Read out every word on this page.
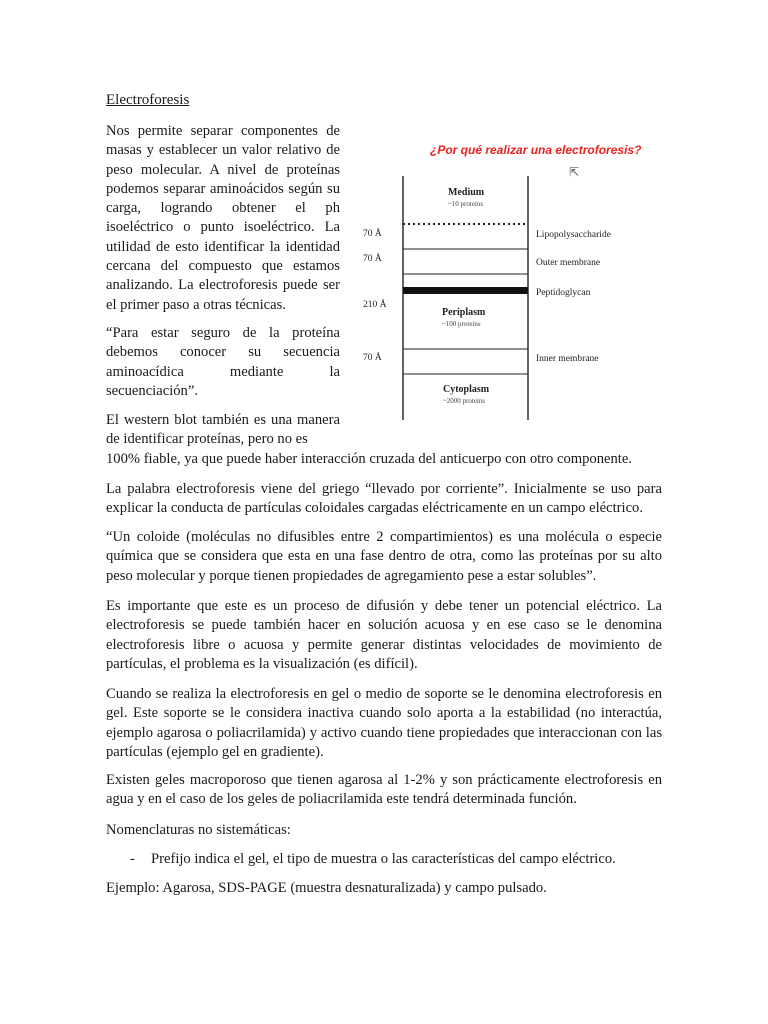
Electroforesis

Nos permite separar componentes de masas y establecer un valor relativo de peso molecular. A nivel de proteínas podemos separar aminoácidos según su carga, logrando obtener el ph isoeléctrico o punto isoeléctrico. La utilidad de esto identificar la identidad cercana del compuesto que estamos analizando. La electroforesis puede ser el primer paso a otras técnicas.

“Para estar seguro de la proteína debemos conocer su secuencia aminoacídica mediante la secuenciación”.

El western blot también es una manera de identificar proteínas, pero no es

100% fiable, ya que puede haber interacción cruzada del anticuerpo con otro componente.

La palabra electroforesis viene del griego “llevado por corriente”. Inicialmente se uso para explicar la conducta de partículas coloidales cargadas eléctricamente en un campo eléctrico.

“Un coloide (moléculas no difusibles entre 2 compartimientos) es una molécula o especie química que se considera que esta en una fase dentro de otra, como las proteínas por su alto peso molecular y porque tienen propiedades de agregamiento pese a estar solubles”.

Es importante que este es un proceso de difusión y debe tener un potencial eléctrico. La electroforesis se puede también hacer en solución acuosa y en ese caso se le denomina electroforesis libre o acuosa y permite generar distintas velocidades de movimiento de partículas, el problema es la visualización (es difícil).

Cuando se realiza la electroforesis en gel o medio de soporte se le denomina electroforesis en gel. Este soporte se le considera inactiva cuando solo aporta a la estabilidad (no interactúa, ejemplo agarosa o poliacrilamida) y activo cuando tiene propiedades que interaccionan con las partículas (ejemplo gel en gradiente).

Existen geles macroporoso que tienen agarosa al 1-2% y son prácticamente electroforesis en agua y en el caso de los geles de poliacrilamida este tendrá determinada función.

Nomenclaturas no sistemáticas:

- Prefijo indica el gel, el tipo de muestra o las características del campo eléctrico.

Ejemplo: Agarosa, SDS-PAGE (muestra desnaturalizada) y campo pulsado.

¿Por qué realizar una electroforesis?
⇱
Medium
~10 proteins
Periplasm
~100 proteins
Cytoplasm
~2000 proteins
70 Å
70 Å
210 Å
70 Å
Lipopolysaccharide
Outer membrane
Peptidoglycan
Inner membrane
